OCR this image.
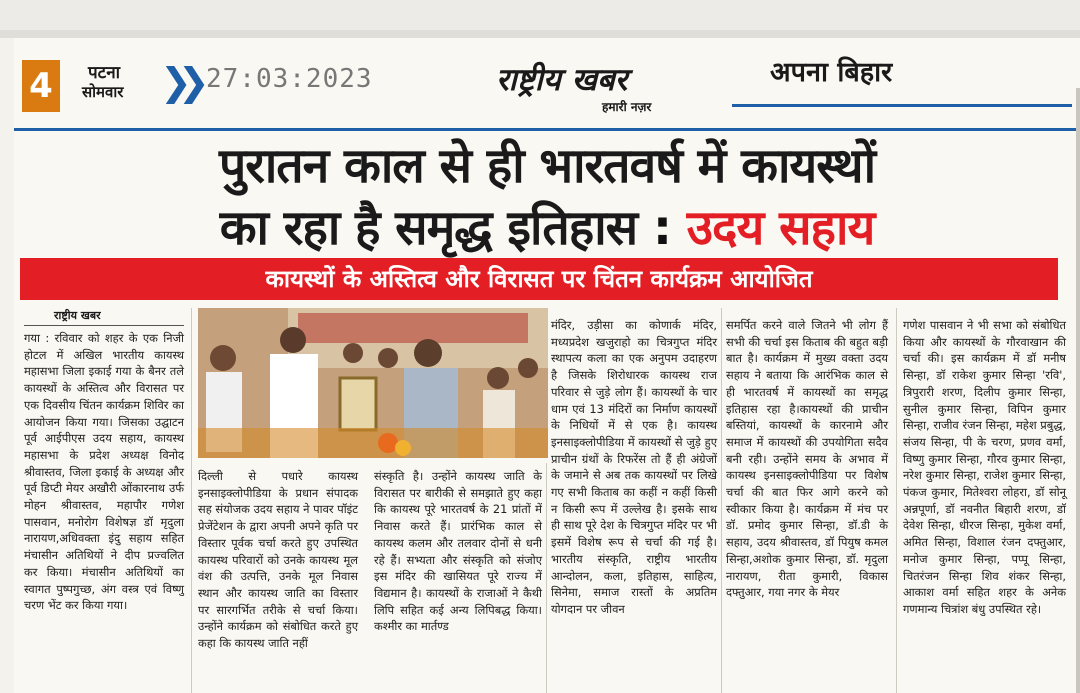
4	पटना
सोमवार ❯❯ 27:03:2023	राष्ट्रीय खबर
हमारी नज़र
अपना बिहार
पुरातन काल से ही भारतवर्ष में कायस्थों
का रहा है समृद्ध इतिहास : उदय सहाय
कायस्थों के अस्तित्व और विरासत पर चिंतन कार्यक्रम आयोजित
राष्ट्रीय खबर
गया : रविवार को शहर के एक निजी होटल में अखिल भारतीय कायस्थ महासभा जिला इकाई गया के बैनर तले कायस्थों के अस्तित्व और विरासत पर एक दिवसीय चिंतन कार्यक्रम शिविर का आयोजन किया गया। जिसका उद्घाटन पूर्व आईपीएस उदय सहाय, कायस्थ महासभा के प्रदेश अध्यक्ष विनोद श्रीवास्तव, जिला इकाई के अध्यक्ष और पूर्व डिप्टी मेयर अखौरी ओंकारनाथ उर्फ मोहन श्रीवास्तव, महापौर गणेश पासवान, मनोरोग विशेषज्ञ डॉ मृदुला नारायण,अधिवक्ता इंदु सहाय सहित मंचासीन अतिथियों ने दीप प्रज्वलित कर किया। मंचासीन अतिथियों का स्वागत पुष्पगुच्छ, अंग वस्त्र एवं विष्णु चरण भेंट कर किया गया।
दिल्ली से पधारे कायस्थ इनसाइक्लोपीडिया के प्रधान संपादक सह संयोजक उदय सहाय ने पावर पॉइंट प्रेजेंटेशन के द्वारा अपनी अपने कृति पर विस्तार पूर्वक चर्चा करते हुए उपस्थित कायस्थ परिवारों को उनके कायस्थ मूल वंश की उत्पत्ति, उनके मूल निवास स्थान और कायस्थ जाति का विस्तार पर सारगर्भित तरीके से चर्चा किया। उन्होंने कार्यक्रम को संबोधित करते हुए कहा कि कायस्थ जाति नहीं
संस्कृति है। उन्होंने कायस्थ जाति के विरासत पर बारीकी से समझाते हुए कहा कि कायस्थ पूरे भारतवर्ष के 21 प्रांतों में निवास करते हैं। प्रारंभिक काल से कायस्थ कलम और तलवार दोनों से धनी रहे हैं। सभ्यता और संस्कृति को संजोए इस मंदिर की खासियत पूरे राज्य में विद्यमान है। कायस्थों के राजाओं ने कैथी लिपि सहित कई अन्य लिपिबद्ध किया। कश्मीर का मार्तण्ड
मंदिर, उड़ीसा का कोणार्क मंदिर, मध्यप्रदेश खजुराहो का चित्रगुप्त मंदिर स्थापत्य कला का एक अनुपम उदाहरण है जिसके शिरोधारक कायस्थ राज परिवार से जुड़े लोग हैं। कायस्थों के चार धाम एवं 13 मंदिरों का निर्माण कायस्थों के निधियों में से एक है। कायस्थ इनसाइक्लोपीडिया में कायस्थों से जुड़े हुए प्राचीन ग्रंथों के रिफरेंस तो हैं ही अंग्रेजों के जमाने से अब तक कायस्थों पर लिखे गए सभी किताब का कहीं न कहीं किसी न किसी रूप में उल्लेख है। इसके साथ ही साथ पूरे देश के चित्रगुप्त मंदिर पर भी इसमें विशेष रूप से चर्चा की गई है। भारतीय संस्कृति, राष्ट्रीय भारतीय आन्दोलन, कला, इतिहास, साहित्य, सिनेमा, समाज रास्तों के अप्रतिम योगदान पर जीवन
समर्पित करने वाले जितने भी लोग हैं सभी की चर्चा इस किताब की बहुत बड़ी बात है। कार्यक्रम में मुख्य वक्ता उदय सहाय ने बताया कि आरंभिक काल से ही भारतवर्ष में कायस्थों का समृद्ध इतिहास रहा है।कायस्थों की प्राचीन बस्तियां, कायस्थों के कारनामे और समाज में कायस्थों की उपयोगिता सदैव बनी रही। उन्होंने समय के अभाव में कायस्थ इनसाइक्लोपीडिया पर विशेष चर्चा की बात फिर आगे करने को स्वीकार किया है। कार्यक्रम में मंच पर डॉ. प्रमोद कुमार सिन्हा, डॉ.डी के सहाय, उदय श्रीवास्तव, डॉ पियुष कमल सिन्हा,अशोक कुमार सिन्हा, डॉ. मृदुला नारायण, रीता कुमारी, विकास दफ्तुआर, गया नगर के मेयर
गणेश पासवान ने भी सभा को संबोधित किया और कायस्थों के गौरवाखान की चर्चा की। इस कार्यक्रम में डॉ मनीष सिन्हा, डॉ राकेश कुमार सिन्हा 'रवि', त्रिपुरारी शरण, दिलीप कुमार सिन्हा, सुनील कुमार सिन्हा, विपिन कुमार सिन्हा, राजीव रंजन सिन्हा, महेश प्रबुद्ध, संजय सिन्हा, पी के चरण, प्रणव वर्मा, विष्णु कुमार सिन्हा, गौरव कुमार सिन्हा, नरेश कुमार सिन्हा, राजेश कुमार सिन्हा, पंकज कुमार, मितेश्वरा लोहरा, डॉ सोनू अन्नपूर्णा, डॉ नवनीत बिहारी शरण, डॉ देवेश सिन्हा, धीरज सिन्हा, मुकेश वर्मा, अमित सिन्हा, विशाल रंजन दफ्तुआर, मनोज कुमार सिन्हा, पप्पू सिन्हा, चितरंजन सिन्हा शिव शंकर सिन्हा, आकाश वर्मा सहित शहर के अनेक गणमान्य चित्रांश बंधु उपस्थित रहे।
